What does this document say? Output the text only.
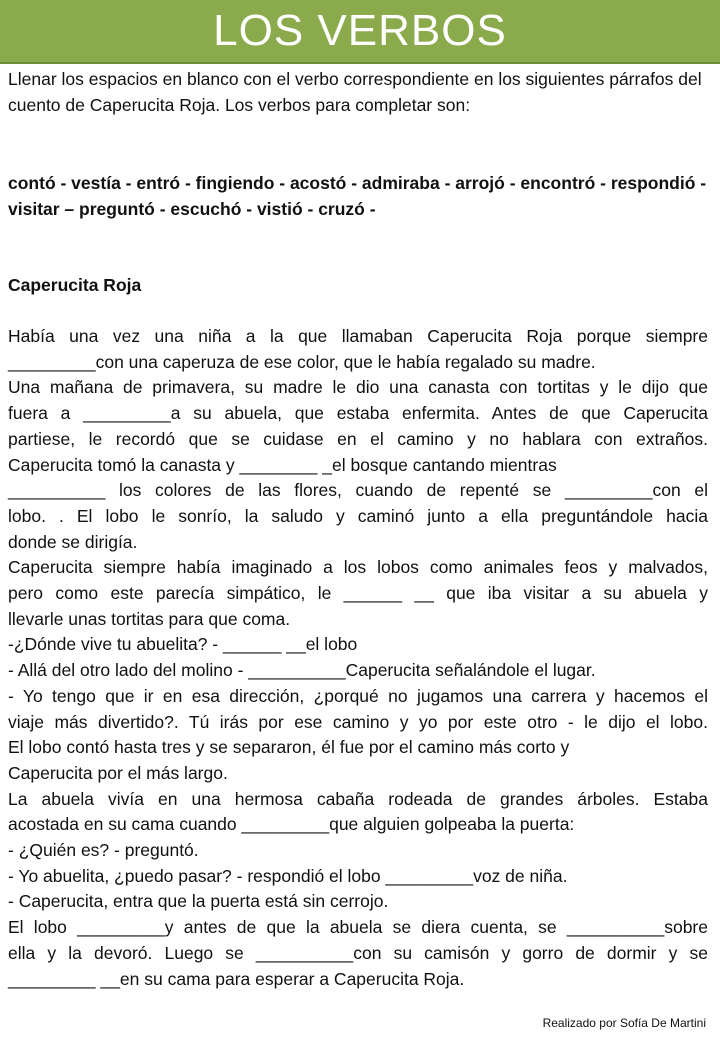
LOS VERBOS

Llenar los espacios en blanco con el verbo correspondiente en los siguientes párrafos del cuento de Caperucita Roja. Los verbos para completar son:

contó - vestía - entró - fingiendo - acostó - admiraba - arrojó - encontró - respondió -visitar – preguntó - escuchó - vistió - cruzó -

Caperucita Roja

Había una vez una niña a la que llamaban Caperucita Roja porque siempre
_________con una caperuza de ese color, que le había regalado su madre.
Una mañana de primavera, su madre le dio una canasta con tortitas y le dijo que
fuera a _________a su abuela, que estaba enfermita. Antes de que Caperucita
partiese, le recordó que se cuidase en el camino y no hablara con extraños.
Caperucita tomó la canasta y ________ _el bosque cantando mientras
__________ los colores de las flores, cuando de repenté se _________con el
lobo. . El lobo le sonrío, la saludo y caminó junto a ella preguntándole hacia
donde se dirigía.
Caperucita siempre había imaginado a los lobos como animales feos y malvados,
pero como este parecía simpático, le ______ __ que iba visitar a su abuela y
llevarle unas tortitas para que coma.
-¿Dónde vive tu abuelita? - ______ __el lobo
- Allá del otro lado del molino - __________Caperucita señalándole el lugar.
- Yo tengo que ir en esa dirección, ¿porqué no jugamos una carrera y hacemos el
viaje más divertido?. Tú irás por ese camino y yo por este otro - le dijo el lobo.
El lobo contó hasta tres y se separaron, él fue por el camino más corto y
Caperucita por el más largo.
La abuela vivía en una hermosa cabaña rodeada de grandes árboles. Estaba
acostada en su cama cuando _________que alguien golpeaba la puerta:
- ¿Quién es? - preguntó.
- Yo abuelita, ¿puedo pasar? - respondió el lobo _________voz de niña.
- Caperucita, entra que la puerta está sin cerrojo.
El lobo _________y antes de que la abuela se diera cuenta, se __________sobre
ella y la devoró. Luego se __________con su camisón y gorro de dormir y se
_________ __en su cama para esperar a Caperucita Roja.
Realizado por Sofía De Martini
